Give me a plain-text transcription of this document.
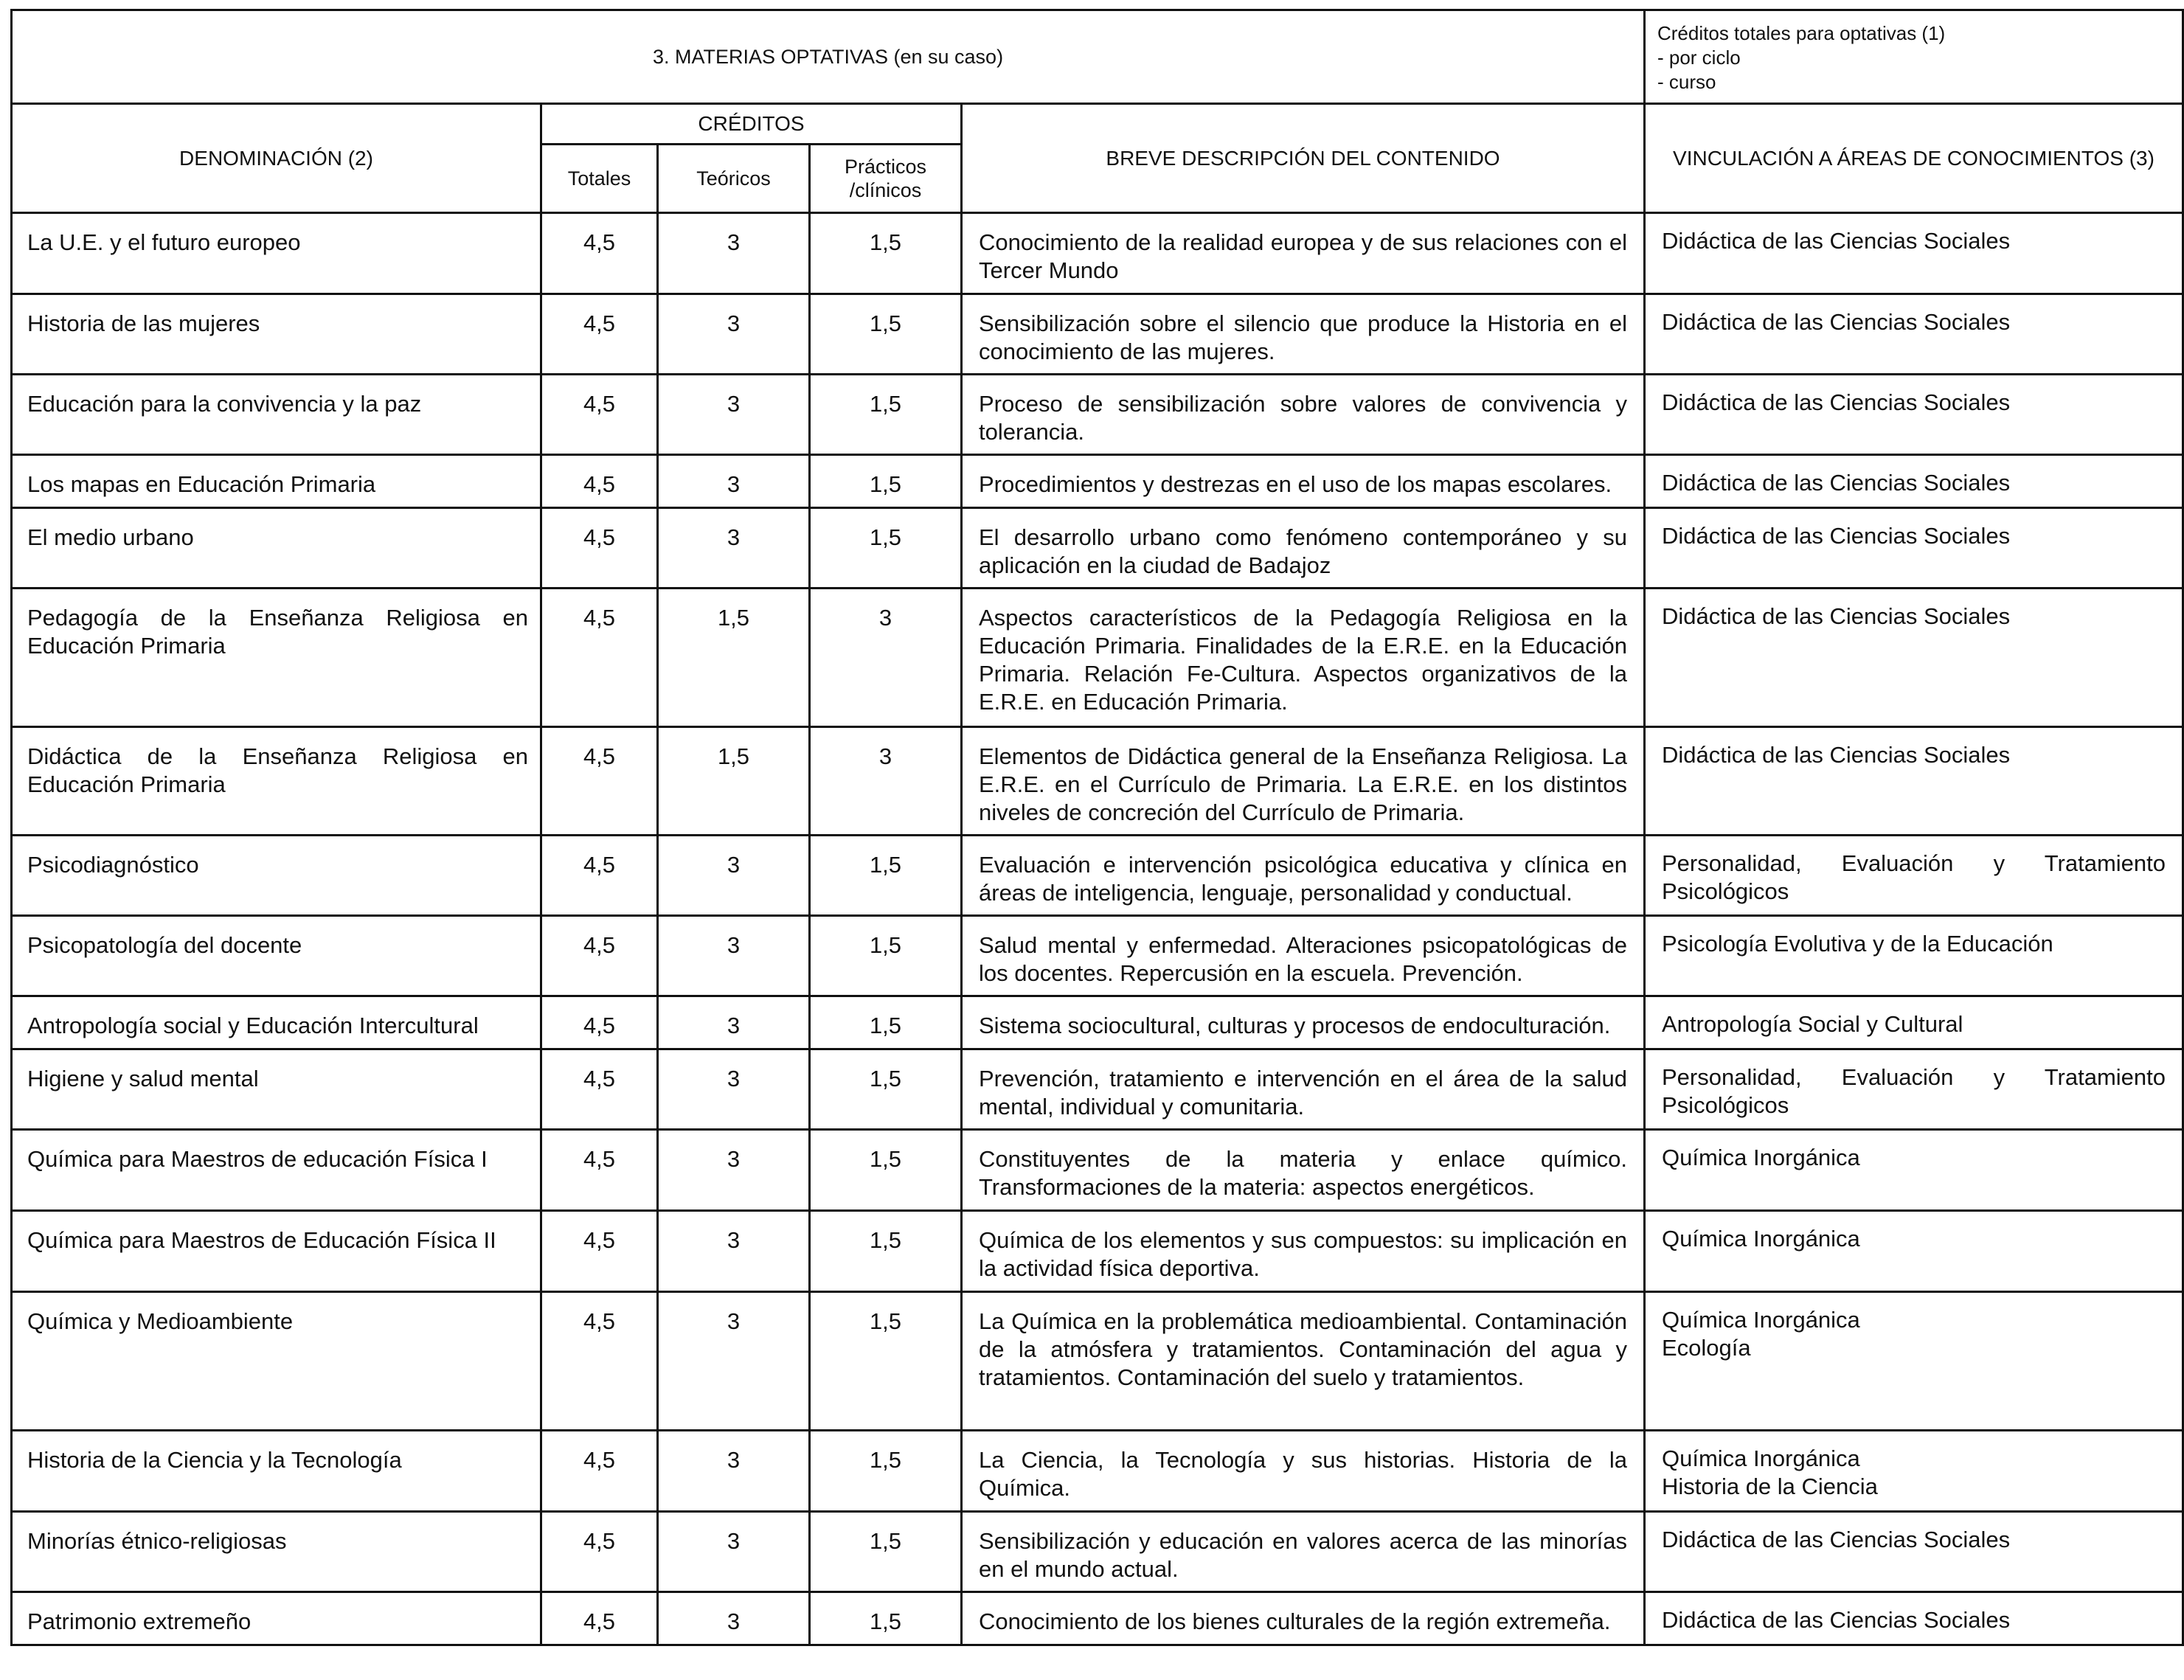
3. MATERIAS OPTATIVAS (en su caso)					Créditos totales para optativas (1)
- por ciclo
- curso

DENOMINACIÓN (2)	CRÉDITOS			BREVE DESCRIPCIÓN DEL CONTENIDO	VINCULACIÓN A ÁREAS DE CONOCIMIENTOS (3)
	Totales	Teóricos	Prácticos
/clínicos		

La U.E. y el futuro europeo	4,5	3	1,5	Conocimiento de la realidad europea y de sus relaciones con el Tercer Mundo	Didáctica de las Ciencias Sociales

Historia de las mujeres	4,5	3	1,5	Sensibilización sobre el silencio que produce la Historia en el conocimiento de las mujeres.	Didáctica de las Ciencias Sociales

Educación para la convivencia y la paz	4,5	3	1,5	Proceso de sensibilización sobre valores de convivencia y tolerancia.	Didáctica de las Ciencias Sociales

Los mapas en Educación Primaria	4,5	3	1,5	Procedimientos y destrezas en el uso de los mapas escolares.	Didáctica de las Ciencias Sociales

El medio urbano	4,5	3	1,5	El desarrollo urbano como fenómeno contemporáneo y su aplicación en la ciudad de Badajoz	Didáctica de las Ciencias Sociales

Pedagogía de la Enseñanza Religiosa en Educación Primaria	4,5	1,5	3	Aspectos característicos de la Pedagogía Religiosa en la Educación Primaria. Finalidades de la E.R.E. en la Educación Primaria. Relación Fe-Cultura. Aspectos organizativos de la E.R.E. en Educación Primaria.	Didáctica de las Ciencias Sociales

Didáctica de la Enseñanza Religiosa en Educación Primaria	4,5	1,5	3	Elementos de Didáctica general de la Enseñanza Religiosa. La E.R.E. en el Currículo de Primaria. La E.R.E. en los distintos niveles de concreción del Currículo de Primaria.	Didáctica de las Ciencias Sociales

Psicodiagnóstico	4,5	3	1,5	Evaluación e intervención psicológica educativa y clínica en áreas de inteligencia, lenguaje, personalidad y conductual.	Personalidad, Evaluación y Tratamiento
Psicológicos

Psicopatología del docente	4,5	3	1,5	Salud mental y enfermedad. Alteraciones psicopatológicas de los docentes. Repercusión en la escuela. Prevención.	Psicología Evolutiva y de la Educación

Antropología social y Educación Intercultural	4,5	3	1,5	Sistema sociocultural, culturas y procesos de endoculturación.	Antropología Social y Cultural

Higiene y salud mental	4,5	3	1,5	Prevención, tratamiento e intervención en el área de la salud mental, individual y comunitaria.	Personalidad, Evaluación y Tratamiento
Psicológicos

Química para Maestros de educación Física I	4,5	3	1,5	Constituyentes de la materia y enlace químico. Transformaciones de la materia: aspectos energéticos.	Química Inorgánica

Química para Maestros de Educación Física II	4,5	3	1,5	Química de los elementos y sus compuestos: su implicación en la actividad física deportiva.	Química Inorgánica

Química y Medioambiente	4,5	3	1,5	La Química en la problemática medioambiental. Contaminación de la atmósfera y tratamientos. Contaminación del agua y tratamientos. Contaminación del suelo y tratamientos.	Química Inorgánica
Ecología

Historia de la Ciencia y la Tecnología	4,5	3	1,5	La Ciencia, la Tecnología y sus historias. Historia de la Química.	Química Inorgánica
Historia de la Ciencia

Minorías étnico-religiosas	4,5	3	1,5	Sensibilización y educación en valores acerca de las minorías en el mundo actual.	Didáctica de las Ciencias Sociales

Patrimonio extremeño	4,5	3	1,5	Conocimiento de los bienes culturales de la región extremeña.	Didáctica de las Ciencias Sociales
